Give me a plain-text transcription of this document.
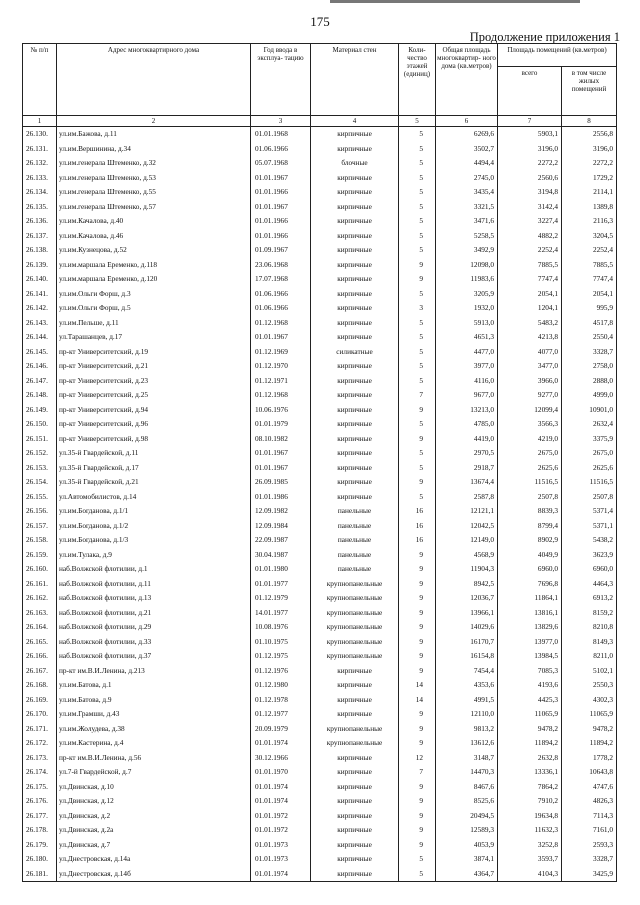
175
Продолжение приложения 1
№ п/п	Адрес многоквартирного дома	Год ввода в эксплуа- тацию	Материал стен	Коли- чество этажей (единиц)	Общая площадь многоквартир- ного дома (кв.метров)	Площадь помещений (кв.метров)	
						всего	в том числе жилых помещений
1	2	3	4	5	6	7	8
26.130.	ул.им.Бажова, д.11	01.01.1968	кирпичные	5	6269,6	5903,1	2556,8
26.131.	ул.им.Вершинина, д.34	01.06.1966	кирпичные	5	3502,7	3196,0	3196,0
26.132.	ул.им.генерала Штеменко, д.32	05.07.1968	блочные	5	4494,4	2272,2	2272,2
26.133.	ул.им.генерала Штеменко, д.53	01.01.1967	кирпичные	5	2745,0	2560,6	1729,2
26.134.	ул.им.генерала Штеменко, д.55	01.01.1966	кирпичные	5	3435,4	3194,8	2114,1
26.135.	ул.им.генерала Штеменко, д.57	01.01.1967	кирпичные	5	3321,5	3142,4	1389,8
26.136.	ул.им.Качалова, д.40	01.01.1966	кирпичные	5	3471,6	3227,4	2116,3
26.137.	ул.им.Качалова, д.46	01.01.1966	кирпичные	5	5258,5	4882,2	3204,5
26.138.	ул.им.Кузнецова, д.52	01.09.1967	кирпичные	5	3492,9	2252,4	2252,4
26.139.	ул.им.маршала Еременко, д.118	23.06.1968	кирпичные	9	12098,0	7885,5	7885,5
26.140.	ул.им.маршала Еременко, д.120	17.07.1968	кирпичные	9	11983,6	7747,4	7747,4
26.141.	ул.им.Ольги Форш, д.3	01.06.1966	кирпичные	5	3205,9	2054,1	2054,1
26.142.	ул.им.Ольги Форш, д.5	01.06.1966	кирпичные	3	1932,0	1204,1	995,9
26.143.	ул.им.Пельше, д.11	01.12.1968	кирпичные	5	5913,0	5483,2	4517,8
26.144.	ул.Тарашанцев, д.17	01.01.1967	кирпичные	5	4651,3	4213,8	2550,4
26.145.	пр-кт Университетский, д.19	01.12.1969	силикатные	5	4477,0	4077,0	3328,7
26.146.	пр-кт Университетский, д.21	01.12.1970	кирпичные	5	3977,0	3477,0	2758,0
26.147.	пр-кт Университетский, д.23	01.12.1971	кирпичные	5	4116,0	3966,0	2888,0
26.148.	пр-кт Университетский, д.25	01.12.1968	кирпичные	7	9677,0	9277,0	4999,0
26.149.	пр-кт Университетский, д.94	10.06.1976	кирпичные	9	13213,0	12099,4	10901,0
26.150.	пр-кт Университетский, д.96	01.01.1979	кирпичные	5	4785,0	3566,3	2632,4
26.151.	пр-кт Университетский, д.98	08.10.1982	кирпичные	9	4419,0	4219,0	3375,9
26.152.	ул.35-й Гвардейской, д.11	01.01.1967	кирпичные	5	2970,5	2675,0	2675,0
26.153.	ул.35-й Гвардейской, д.17	01.01.1967	кирпичные	5	2918,7	2625,6	2625,6
26.154.	ул.35-й Гвардейской, д.21	26.09.1985	кирпичные	9	13674,4	11516,5	11516,5
26.155.	ул.Автомобилистов, д.14	01.01.1986	кирпичные	5	2587,8	2507,8	2507,8
26.156.	ул.им.Богданова, д.1/1	12.09.1982	панельные	16	12121,1	8839,3	5371,4
26.157.	ул.им.Богданова, д.1/2	12.09.1984	панельные	16	12042,5	8799,4	5371,1
26.158.	ул.им.Богданова, д.1/3	22.09.1987	панельные	16	12149,0	8902,9	5438,2
26.159.	ул.им.Тулака, д.9	30.04.1987	панельные	9	4568,9	4049,9	3623,9
26.160.	наб.Волжской флотилии, д.1	01.01.1980	панельные	9	11904,3	6960,0	6960,0
26.161.	наб.Волжской флотилии, д.11	01.01.1977	крупнопанельные	9	8942,5	7696,8	4464,3
26.162.	наб.Волжской флотилии, д.13	01.12.1979	крупнопанельные	9	12036,7	11864,1	6913,2
26.163.	наб.Волжской флотилии, д.21	14.01.1977	крупнопанельные	9	13966,1	13816,1	8159,2
26.164.	наб.Волжской флотилии, д.29	10.08.1976	крупнопанельные	9	14029,6	13829,6	8210,8
26.165.	наб.Волжской флотилии, д.33	01.10.1975	крупнопанельные	9	16170,7	13977,0	8149,3
26.166.	наб.Волжской флотилии, д.37	01.12.1975	крупнопанельные	9	16154,8	13984,5	8211,0
26.167.	пр-кт им.В.И.Ленина, д.213	01.12.1976	кирпичные	9	7454,4	7085,3	5102,1
26.168.	ул.им.Батова, д.1	01.12.1980	кирпичные	14	4353,6	4193,6	2550,3
26.169.	ул.им.Батова, д.9	01.12.1978	кирпичные	14	4991,5	4425,3	4302,3
26.170.	ул.им.Грамши, д.43	01.12.1977	кирпичные	9	12110,0	11065,9	11065,9
26.171.	ул.им.Жолудева, д.38	20.09.1979	крупнопанельные	9	9813,2	9478,2	9478,2
26.172.	ул.им.Кастерина, д.4	01.01.1974	крупнопанельные	9	13612,6	11894,2	11894,2
26.173.	пр-кт им.В.И.Ленина, д.56	30.12.1966	кирпичные	12	3148,7	2632,8	1778,2
26.174.	ул.7-й Гвардейской, д.7	01.01.1970	кирпичные	7	14470,3	13336,1	10643,8
26.175.	ул.Двинская, д.10	01.01.1974	кирпичные	9	8467,6	7864,2	4747,6
26.176.	ул.Двинская, д.12	01.01.1974	кирпичные	9	8525,6	7910,2	4826,3
26.177.	ул.Двинская, д.2	01.01.1972	кирпичные	9	20494,5	19634,8	7114,3
26.178.	ул.Двинская, д.2а	01.01.1972	кирпичные	9	12589,3	11632,3	7161,0
26.179.	ул.Двинская, д.7	01.01.1973	кирпичные	9	4053,9	3252,8	2593,3
26.180.	ул.Днестровская, д.14а	01.01.1973	кирпичные	5	3874,1	3593,7	3328,7
26.181.	ул.Днестровская, д.14б	01.01.1974	кирпичные	5	4364,7	4104,3	3425,9
